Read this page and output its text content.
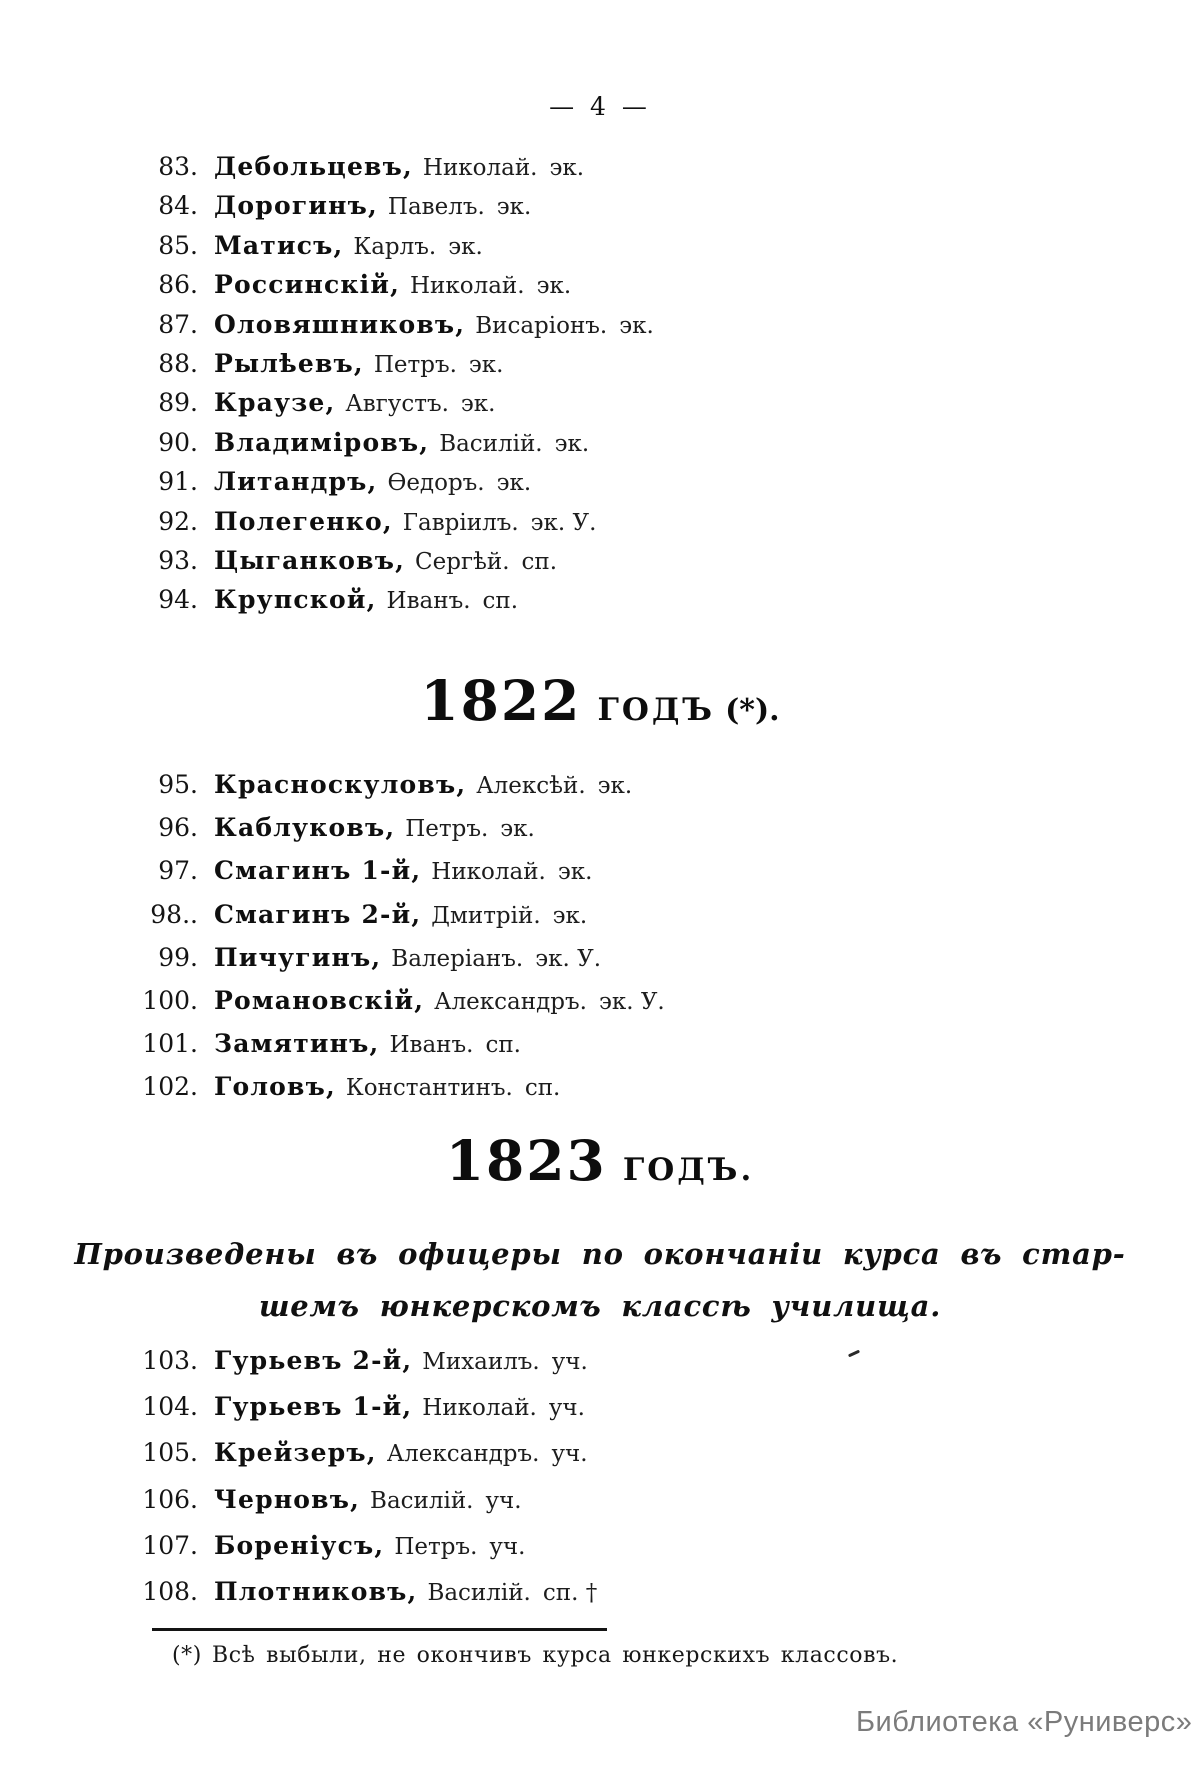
— 4 —
83. Дебольцевъ, Николай. эк.
84. Дорогинъ, Павелъ. эк.
85. Матисъ, Карлъ. эк.
86. Россинскій, Николай. эк.
87. Оловяшниковъ, Висаріонъ. эк.
88. Рылѣевъ, Петръ. эк.
89. Краузе, Августъ. эк.
90. Владиміровъ, Василій. эк.
91. Литандръ, Ѳедоръ. эк.
92. Полегенко, Гавріилъ. эк. У.
93. Цыганковъ, Сергѣй. сп.
94. Крупской, Иванъ. сп.
1822 ГОДЪ (*).
95. Красноскуловъ, Алексѣй. эк.
96. Каблуковъ, Петръ. эк.
97. Смагинъ 1-й, Николай. эк.
98.. Смагинъ 2-й, Дмитрій. эк.
99. Пичугинъ, Валеріанъ. эк. У.
100. Романовскій, Александръ. эк. У.
101. Замятинъ, Иванъ. сп.
102. Головъ, Константинъ. сп.
1823 ГОДЪ.
Произведены въ офицеры по окончаніи курса въ стар-
шемъ юнкерскомъ классѣ училища.
103. Гурьевъ 2-й, Михаилъ. уч.
104. Гурьевъ 1-й, Николай. уч.
105. Крейзеръ, Александръ. уч.
106. Черновъ, Василій. уч.
107. Бореніусъ, Петръ. уч.
108. Плотниковъ, Василій. сп. †
(*) Всѣ выбыли, не окончивъ курса юнкерскихъ классовъ.
Библиотека «Руниверс»
